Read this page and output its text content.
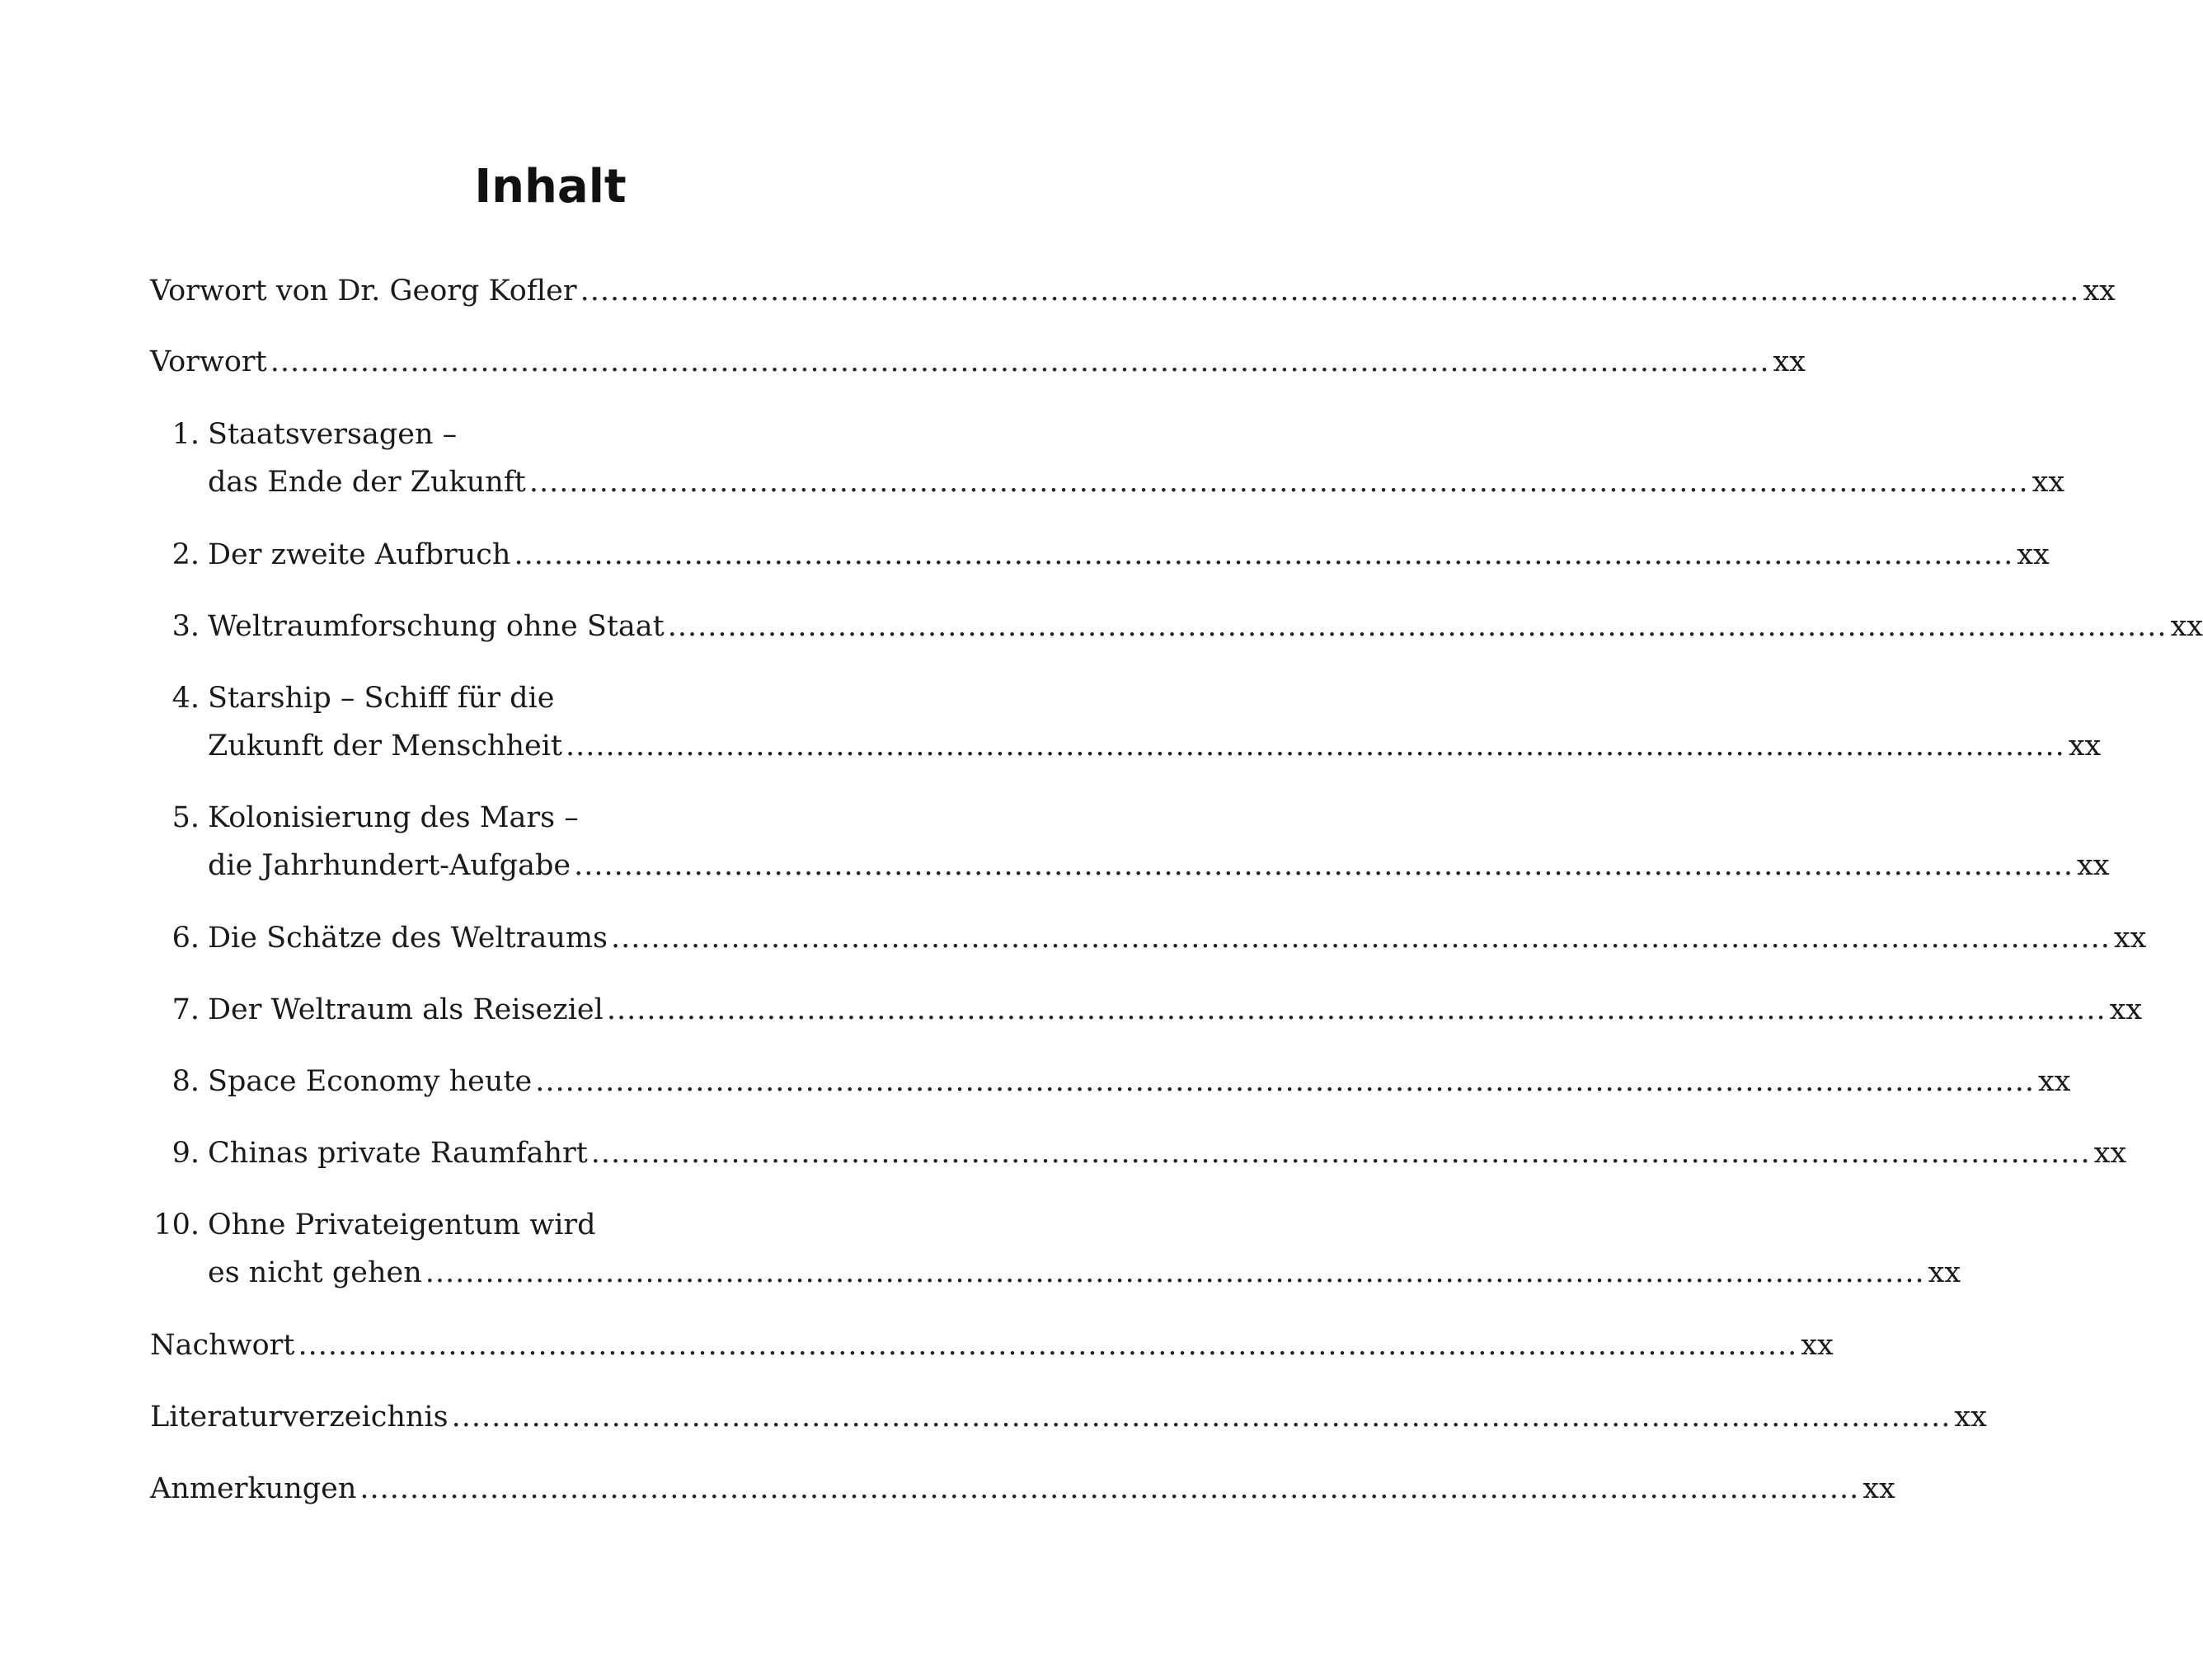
Inhalt
Vorwort von Dr. Georg Kofler ...................................................................................................................................................... xx
Vorwort ...................................................................................................................................................... xx
1. Staatsversagen –
das Ende der Zukunft ...................................................................................................................................................... xx
2. Der zweite Aufbruch ...................................................................................................................................................... xx
3. Weltraumforschung ohne Staat ...................................................................................................................................................... xx
4. Starship – Schiff für die
Zukunft der Menschheit ...................................................................................................................................................... xx
5. Kolonisierung des Mars –
die Jahrhundert-Aufgabe ...................................................................................................................................................... xx
6. Die Schätze des Weltraums ...................................................................................................................................................... xx
7. Der Weltraum als Reiseziel ...................................................................................................................................................... xx
8. Space Economy heute ...................................................................................................................................................... xx
9. Chinas private Raumfahrt ...................................................................................................................................................... xx
10. Ohne Privateigentum wird
es nicht gehen ...................................................................................................................................................... xx
Nachwort ...................................................................................................................................................... xx
Literaturverzeichnis ...................................................................................................................................................... xx
Anmerkungen ...................................................................................................................................................... xx
